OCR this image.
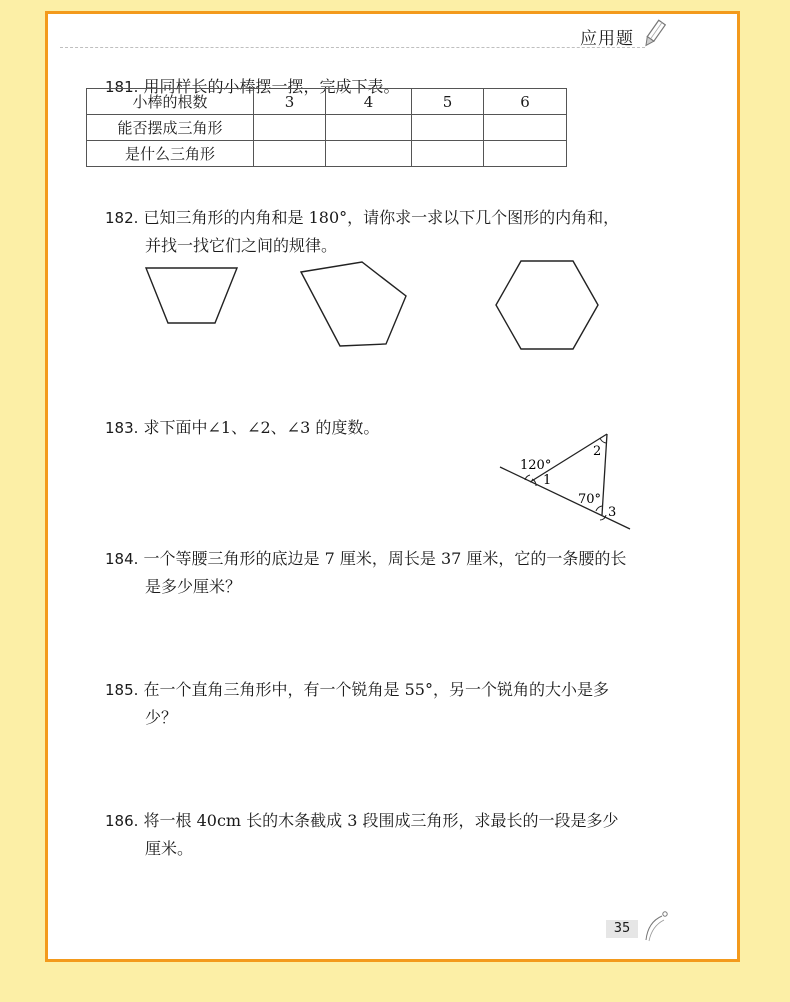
应用题
181. 用同样长的小棒摆一摆，完成下表。
小棒的根数	3	4	5	6
能否摆成三角形				
是什么三角形				
182. 已知三角形的内角和是 180°，请你求一求以下几个图形的内角和，
并找一找它们之间的规律。
120°
1
2
70°
3
183. 求下面中∠1、∠2、∠3 的度数。
184. 一个等腰三角形的底边是 7 厘米，周长是 37 厘米，它的一条腰的长
是多少厘米？
185. 在一个直角三角形中，有一个锐角是 55°，另一个锐角的大小是多
少？
186. 将一根 40cm 长的木条截成 3 段围成三角形，求最长的一段是多少
厘米。
35
